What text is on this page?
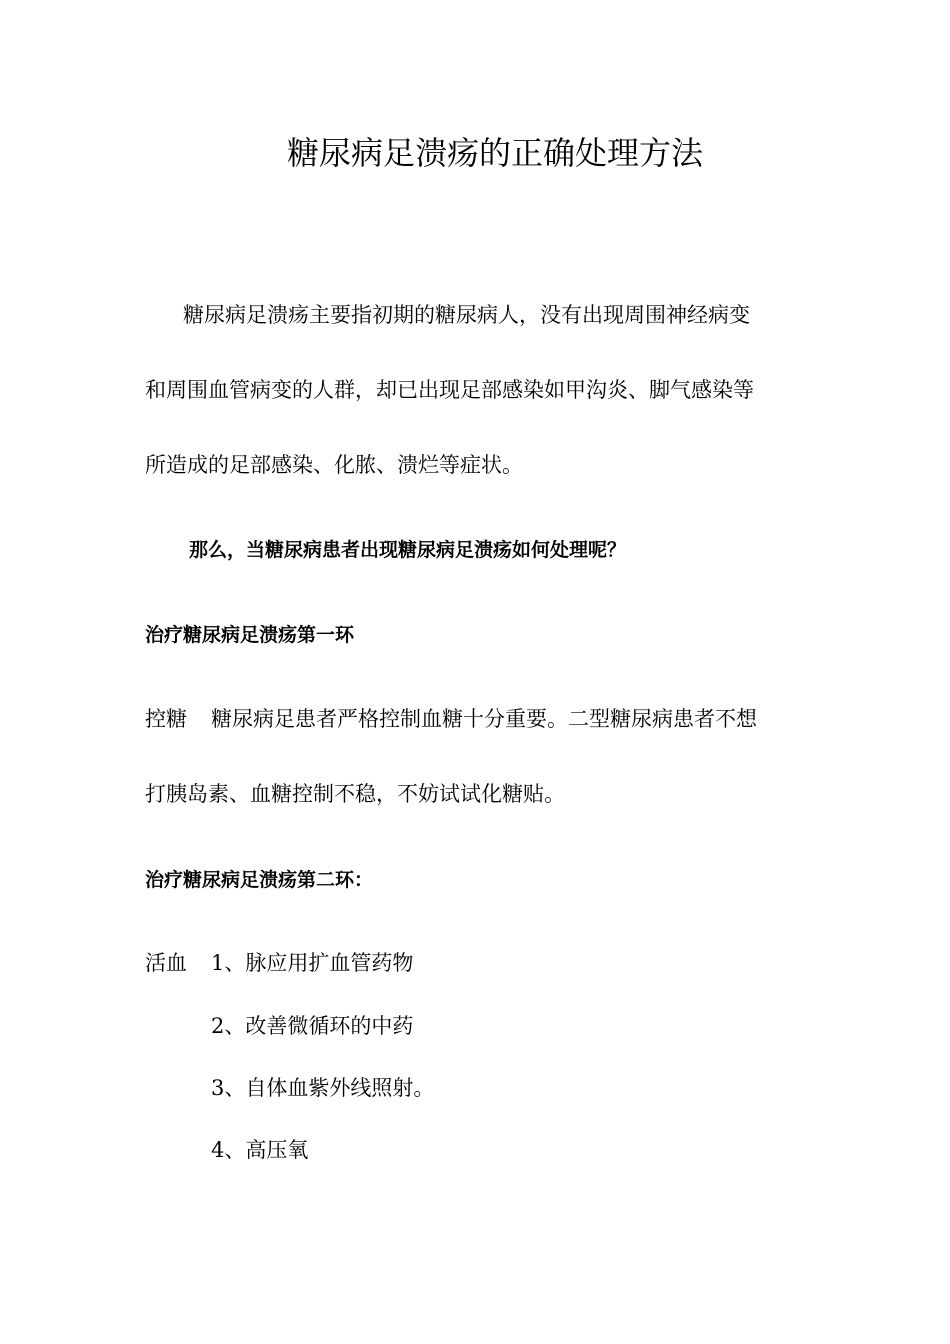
糖尿病足溃疡的正确处理方法
糖尿病足溃疡主要指初期的糖尿病人，没有出现周围神经病变
和周围血管病变的人群，却已出现足部感染如甲沟炎、脚气感染等
所造成的足部感染、化脓、溃烂等症状。
那么，当糖尿病患者出现糖尿病足溃疡如何处理呢？
治疗糖尿病足溃疡第一环
控糖 糖尿病足患者严格控制血糖十分重要。二型糖尿病患者不想
打胰岛素、血糖控制不稳，不妨试试化糖贴。
治疗糖尿病足溃疡第二环：
活血 1、脉应用扩血管药物
2、改善微循环的中药
3、自体血紫外线照射。
4、高压氧
